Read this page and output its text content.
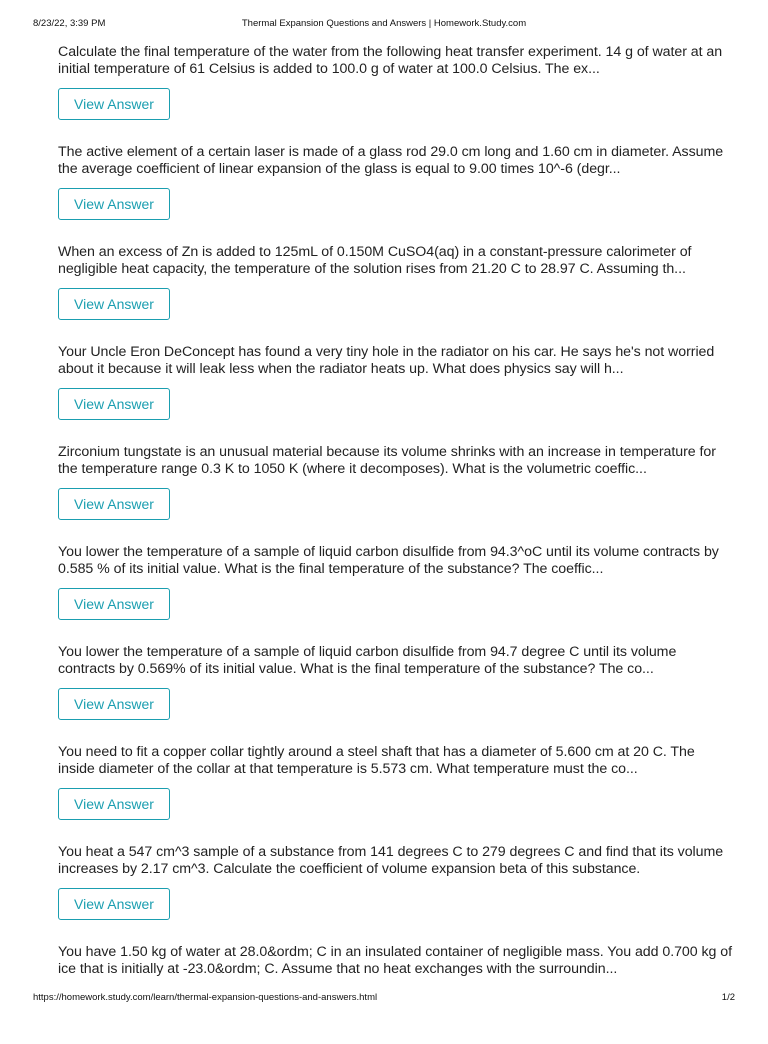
8/23/22, 3:39 PM	Thermal Expansion Questions and Answers | Homework.Study.com

Calculate the final temperature of the water from the following heat transfer experiment. 14 g of water at an initial temperature of 61 Celsius is added to 100.0 g of water at 100.0 Celsius. The ex...

View Answer

The active element of a certain laser is made of a glass rod 29.0 cm long and 1.60 cm in diameter. Assume the average coefficient of linear expansion of the glass is equal to 9.00 times 10^-6 (degr...

View Answer

When an excess of Zn is added to 125mL of 0.150M CuSO4(aq) in a constant-pressure calorimeter of negligible heat capacity, the temperature of the solution rises from 21.20 C to 28.97 C. Assuming th...

View Answer

Your Uncle Eron DeConcept has found a very tiny hole in the radiator on his car. He says he's not worried about it because it will leak less when the radiator heats up. What does physics say will h...

View Answer

Zirconium tungstate is an unusual material because its volume shrinks with an increase in temperature for the temperature range 0.3 K to 1050 K (where it decomposes). What is the volumetric coeffic...

View Answer

You lower the temperature of a sample of liquid carbon disulfide from 94.3^oC until its volume contracts by 0.585 % of its initial value. What is the final temperature of the substance? The coeffic...

View Answer

You lower the temperature of a sample of liquid carbon disulfide from 94.7 degree C until its volume contracts by 0.569% of its initial value. What is the final temperature of the substance? The co...

View Answer

You need to fit a copper collar tightly around a steel shaft that has a diameter of 5.600 cm at 20 C. The inside diameter of the collar at that temperature is 5.573 cm. What temperature must the co...

View Answer

You heat a 547 cm^3 sample of a substance from 141 degrees C to 279 degrees C and find that its volume increases by 2.17 cm^3. Calculate the coefficient of volume expansion beta of this substance.

View Answer

You have 1.50 kg of water at 28.0&ordm; C in an insulated container of negligible mass. You add 0.700 kg of ice that is initially at -23.0&ordm; C. Assume that no heat exchanges with the surroundin...

https://homework.study.com/learn/thermal-expansion-questions-and-answers.html	1/2
